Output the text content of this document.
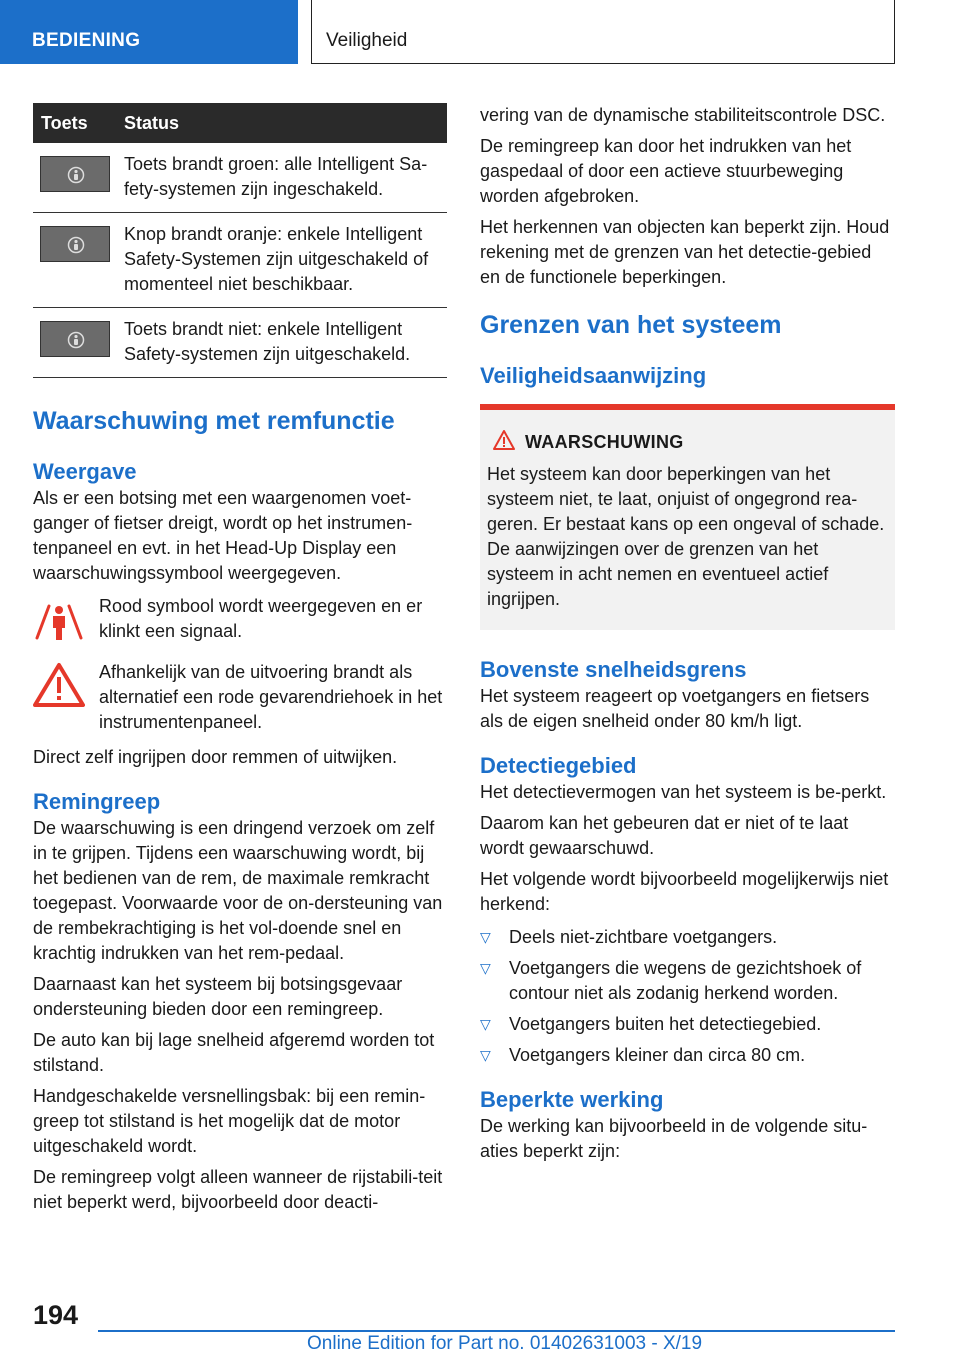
BEDIENING	Veiligheid
Toets	Status

	Toets brandt groen: alle Intelligent Sa-fety-systemen zijn ingeschakeld.

	Knop brandt oranje: enkele Intelligent Safety-Systemen zijn uitgeschakeld of momenteel niet beschikbaar.

	Toets brandt niet: enkele Intelligent Safety-systemen zijn uitgeschakeld.
Waarschuwing met remfunctie
Weergave

Als er een botsing met een waargenomen voet-ganger of fietser dreigt, wordt op het instrumen-tenpaneel en evt. in het Head-Up Display een waarschuwingssymbool weergegeven.

Rood symbool wordt weergegeven en er klinkt een signaal.

Afhankelijk van de uitvoering brandt als alternatief een rode gevarendriehoek in het instrumentenpaneel.

Direct zelf ingrijpen door remmen of uitwijken.

Remingreep

De waarschuwing is een dringend verzoek om zelf in te grijpen. Tijdens een waarschuwing wordt, bij het bedienen van de rem, de maximale remkracht toegepast. Voorwaarde voor de on-dersteuning van de rembekrachtiging is het vol-doende snel en krachtig indrukken van het rem-pedaal.

Daarnaast kan het systeem bij botsingsgevaar ondersteuning bieden door een remingreep.

De auto kan bij lage snelheid afgeremd worden tot stilstand.

Handgeschakelde versnellingsbak: bij een remin-greep tot stilstand is het mogelijk dat de motor uitgeschakeld wordt.

De remingreep volgt alleen wanneer de rijstabili-teit niet beperkt werd, bijvoorbeeld door deacti-

vering van de dynamische stabiliteitscontrole DSC.

De remingreep kan door het indrukken van het gaspedaal of door een actieve stuurbeweging worden afgebroken.

Het herkennen van objecten kan beperkt zijn. Houd rekening met de grenzen van het detectie-gebied en de functionele beperkingen.

Grenzen van het systeem
Veiligheidsaanwijzing
WAARSCHUWING

Het systeem kan door beperkingen van het systeem niet, te laat, onjuist of ongegrond rea-geren. Er bestaat kans op een ongeval of schade. De aanwijzingen over de grenzen van het systeem in acht nemen en eventueel actief ingrijpen.

Bovenste snelheidsgrens

Het systeem reageert op voetgangers en fietsers als de eigen snelheid onder 80 km/h ligt.

Detectiegebied

Het detectievermogen van het systeem is be-perkt.

Daarom kan het gebeuren dat er niet of te laat wordt gewaarschuwd.

Het volgende wordt bijvoorbeeld mogelijkerwijs niet herkend:

▽ Deels niet-zichtbare voetgangers.
▽ Voetgangers die wegens de gezichtshoek of contour niet als zodanig herkend worden.
▽ Voetgangers buiten het detectiegebied.
▽ Voetgangers kleiner dan circa 80 cm.
Beperkte werking

De werking kan bijvoorbeeld in de volgende situ-aties beperkt zijn:

194
Online Edition for Part no. 01402631003 - X/19
